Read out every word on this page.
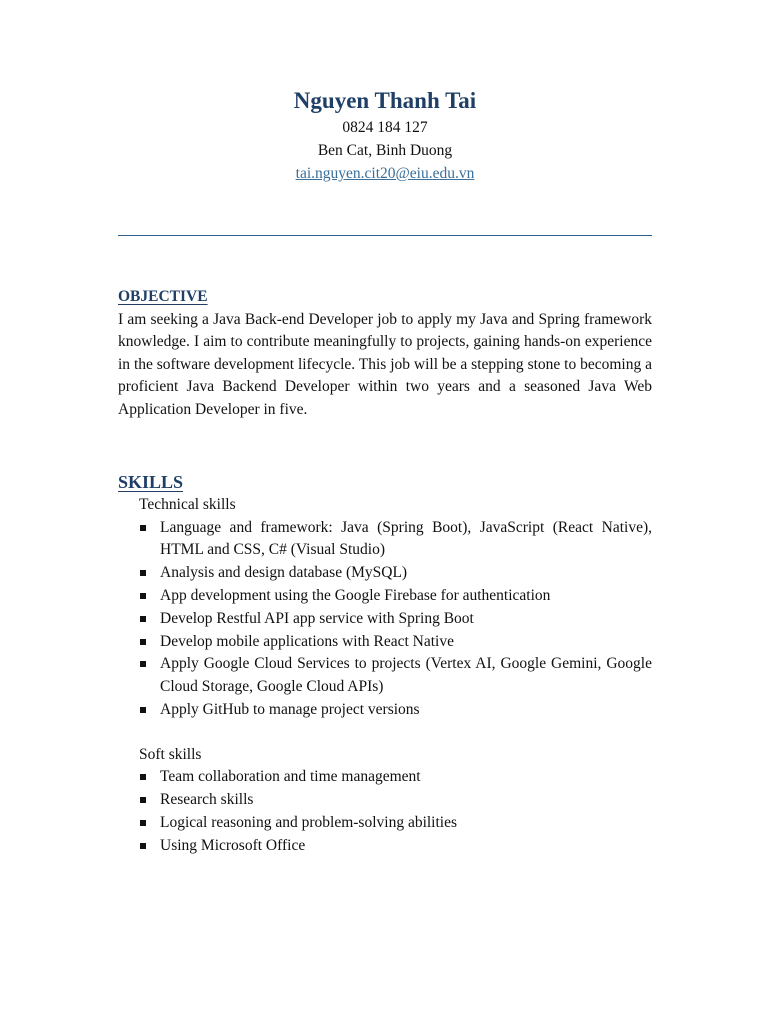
Nguyen Thanh Tai

0824 184 127

Ben Cat, Binh Duong

tai.nguyen.cit20@eiu.edu.vn

OBJECTIVE

I am seeking a Java Back-end Developer job to apply my Java and Spring framework knowledge. I aim to contribute meaningfully to projects, gaining hands-on experience in the software development lifecycle. This job will be a stepping stone to becoming a proficient Java Backend Developer within two years and a seasoned Java Web Application Developer in five.

SKILLS

Technical skills

Language and framework: Java (Spring Boot), JavaScript (React Native), HTML and CSS, C# (Visual Studio)
Analysis and design database (MySQL)
App development using the Google Firebase for authentication
Develop Restful API app service with Spring Boot
Develop mobile applications with React Native
Apply Google Cloud Services to projects (Vertex AI, Google Gemini, Google Cloud Storage, Google Cloud APIs)
Apply GitHub to manage project versions

Soft skills

Team collaboration and time management
Research skills
Logical reasoning and problem-solving abilities
Using Microsoft Office
